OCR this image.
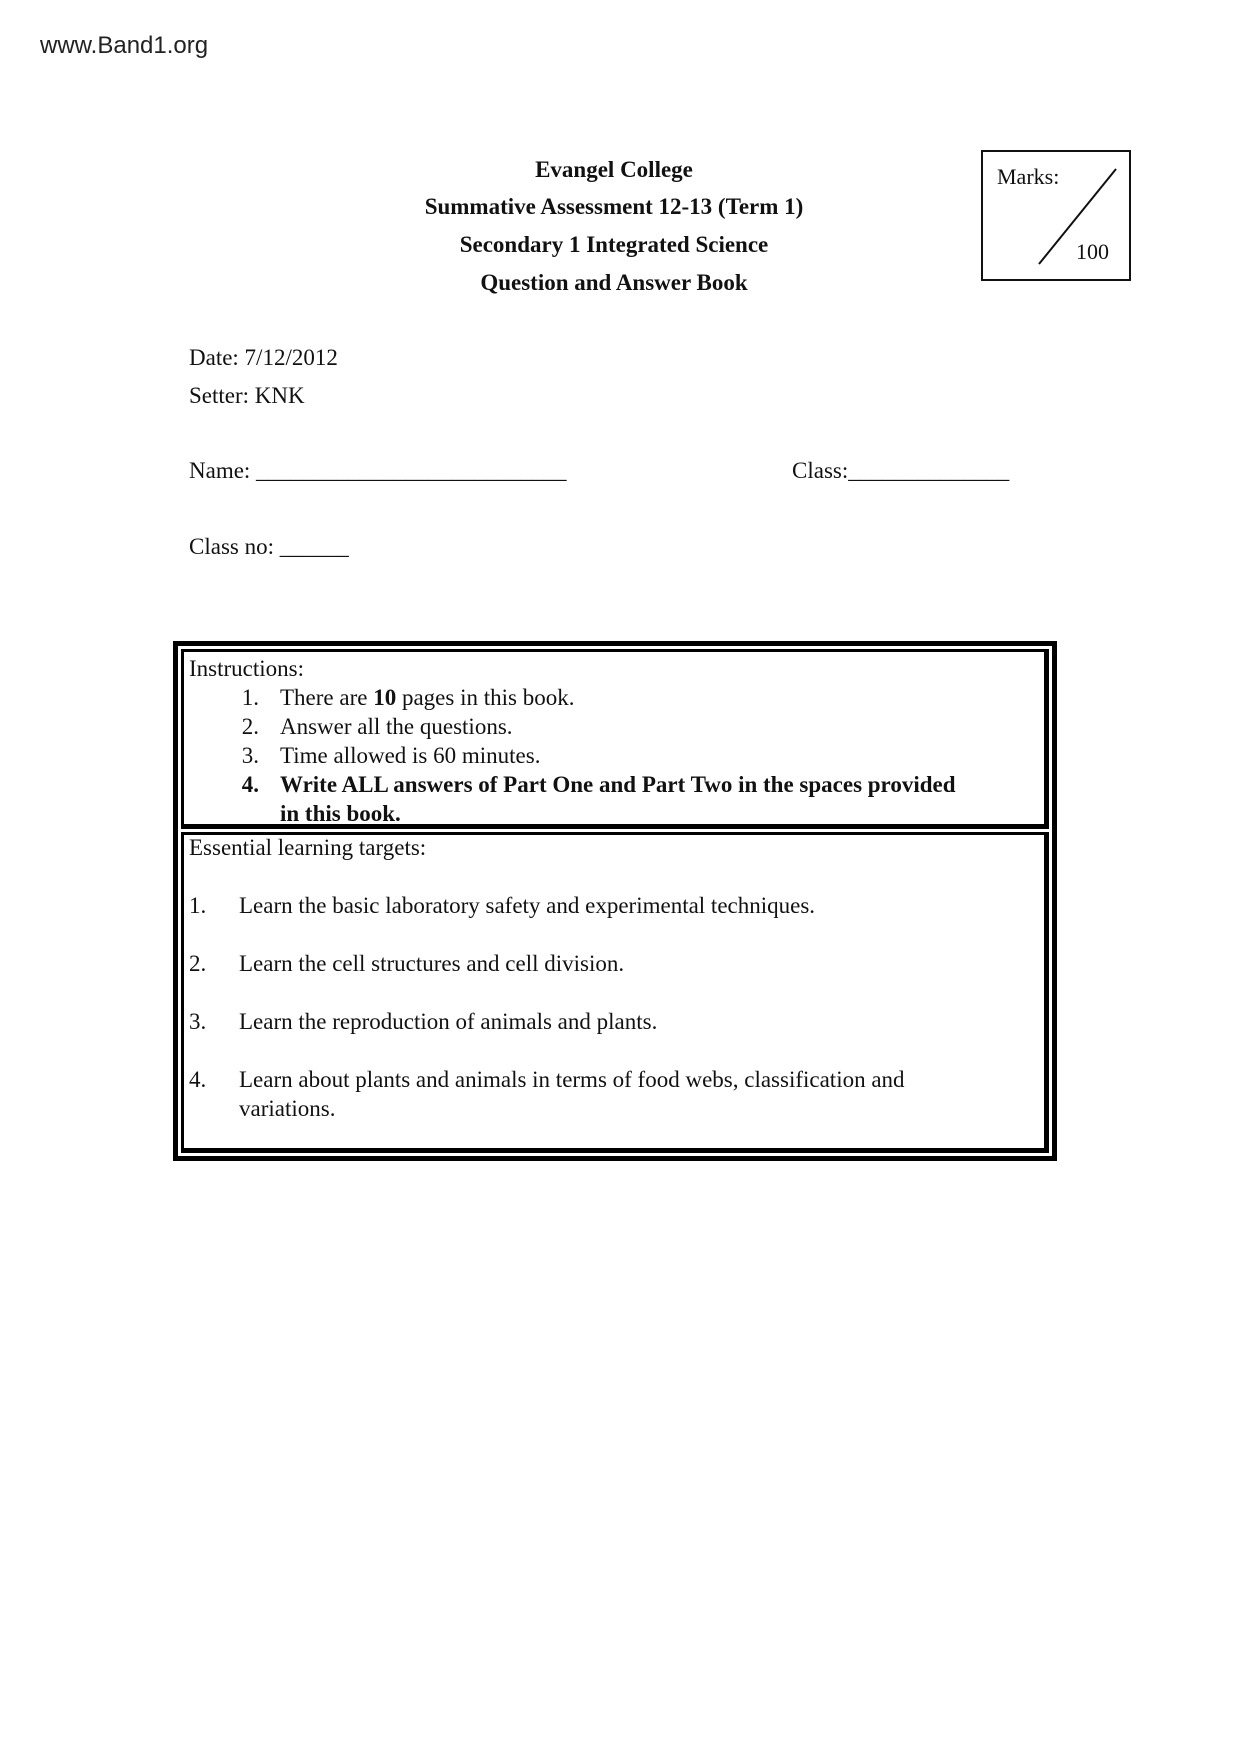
www.Band1.org
Evangel College
Summative Assessment 12-13 (Term 1)
Secondary 1 Integrated Science
Question and Answer Book
Marks:
100
Date: 7/12/2012
Setter: KNK
Name: ___________________________	Class:______________
Class no: ______
Instructions:
1. There are 10 pages in this book.
2. Answer all the questions.
3. Time allowed is 60 minutes.
4. Write ALL answers of Part One and Part Two in the spaces provided
in this book.
Essential learning targets:
1. Learn the basic laboratory safety and experimental techniques.
2. Learn the cell structures and cell division.
3. Learn the reproduction of animals and plants.
4. Learn about plants and animals in terms of food webs, classification and
variations.
